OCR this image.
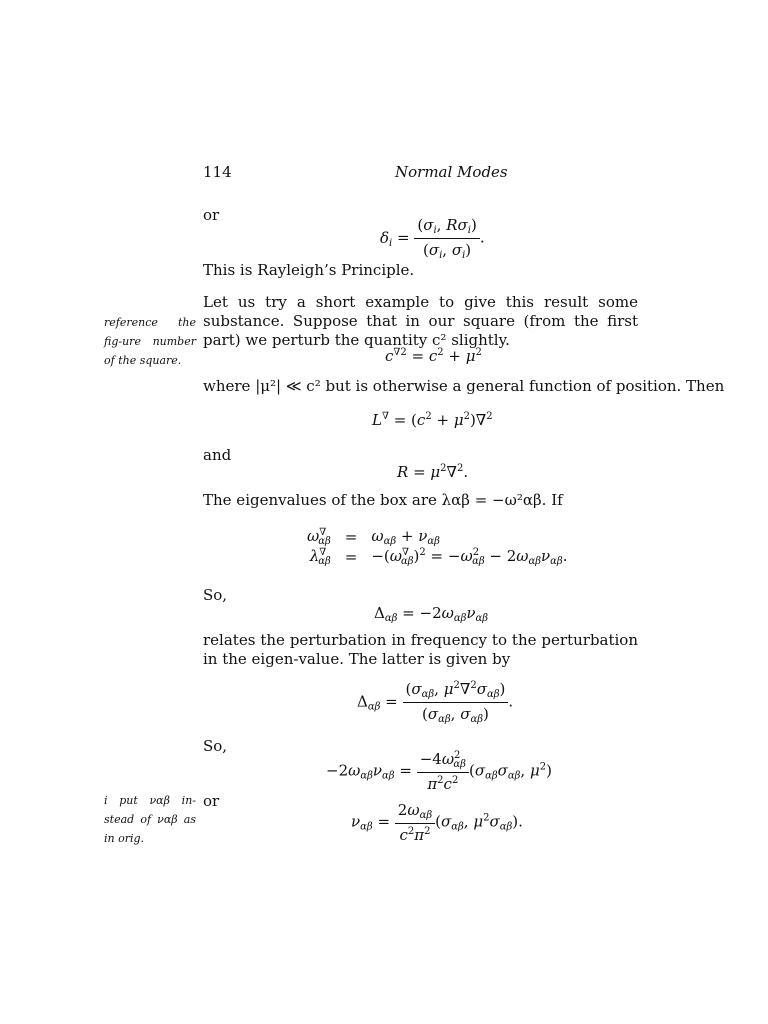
114	Normal Modes
or
$\delta_i = \frac{(\sigma_i, R\sigma_i)}{(\sigma_i, \sigma_i)}$ .
This is Rayleigh’s Principle.
reference the fig-ure number of the square.
Let us try a short example to give this result some substance. Suppose that in our square (from the first part) we perturb the quantity c² slightly.
$c^{\nabla 2} = c^2 + \mu^2$
where |μ²| ≪ c² but is otherwise a general function of position. Then
$L^\nabla = (c^2 + \mu^2)\nabla^2$
and
$R = \mu^2\nabla^2$.
The eigenvalues of the box are λαβ = −ω²αβ. If
$\omega^\nabla_{\alpha\beta}$	=	$\omega_{\alpha\beta} + \nu_{\alpha\beta}$
$\lambda^\nabla_{\alpha\beta}$	=	$-(\omega^\nabla_{\alpha\beta})^2 = -\omega^2_{\alpha\beta} - 2\omega_{\alpha\beta}\nu_{\alpha\beta}$.
So,
$\Delta_{\alpha\beta} = -2\omega_{\alpha\beta}\nu_{\alpha\beta}$
relates the perturbation in frequency to the perturbation in the eigen-value. The latter is given by
$\Delta_{\alpha\beta} = \frac{(\sigma_{\alpha\beta}, \mu^2\nabla^2\sigma_{\alpha\beta})}{(\sigma_{\alpha\beta}, \sigma_{\alpha\beta})}$ .
So,
$-2\omega_{\alpha\beta}\nu_{\alpha\beta} = \frac{-4\omega^2_{\alpha\beta}}{\pi^2c^2} (\sigma_{\alpha\beta}\sigma_{\alpha\beta}$, $\mu^2$)
i put ναβ in-stead of ναβ as in orig.
or
$\nu_{\alpha\beta} = \frac{2\omega_{\alpha\beta}}{c^2\pi^2} (\sigma_{\alpha\beta}$, $\mu^2\sigma_{\alpha\beta}$).
